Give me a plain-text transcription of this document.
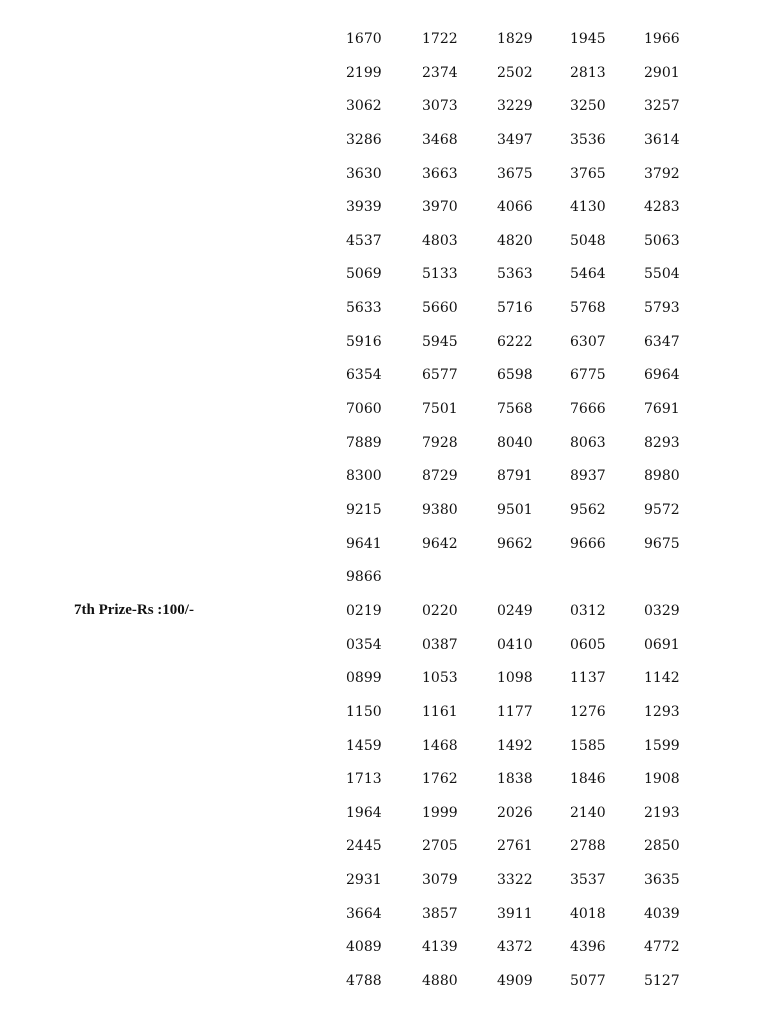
1670	1722	1829	1945	1966
2199	2374	2502	2813	2901
3062	3073	3229	3250	3257
3286	3468	3497	3536	3614
3630	3663	3675	3765	3792
3939	3970	4066	4130	4283
4537	4803	4820	5048	5063
5069	5133	5363	5464	5504
5633	5660	5716	5768	5793
5916	5945	6222	6307	6347
6354	6577	6598	6775	6964
7060	7501	7568	7666	7691
7889	7928	8040	8063	8293
8300	8729	8791	8937	8980
9215	9380	9501	9562	9572
9641	9642	9662	9666	9675
9866
7th Prize-Rs :100/-	0219	0220	0249	0312	0329
0354	0387	0410	0605	0691
0899	1053	1098	1137	1142
1150	1161	1177	1276	1293
1459	1468	1492	1585	1599
1713	1762	1838	1846	1908
1964	1999	2026	2140	2193
2445	2705	2761	2788	2850
2931	3079	3322	3537	3635
3664	3857	3911	4018	4039
4089	4139	4372	4396	4772
4788	4880	4909	5077	5127
